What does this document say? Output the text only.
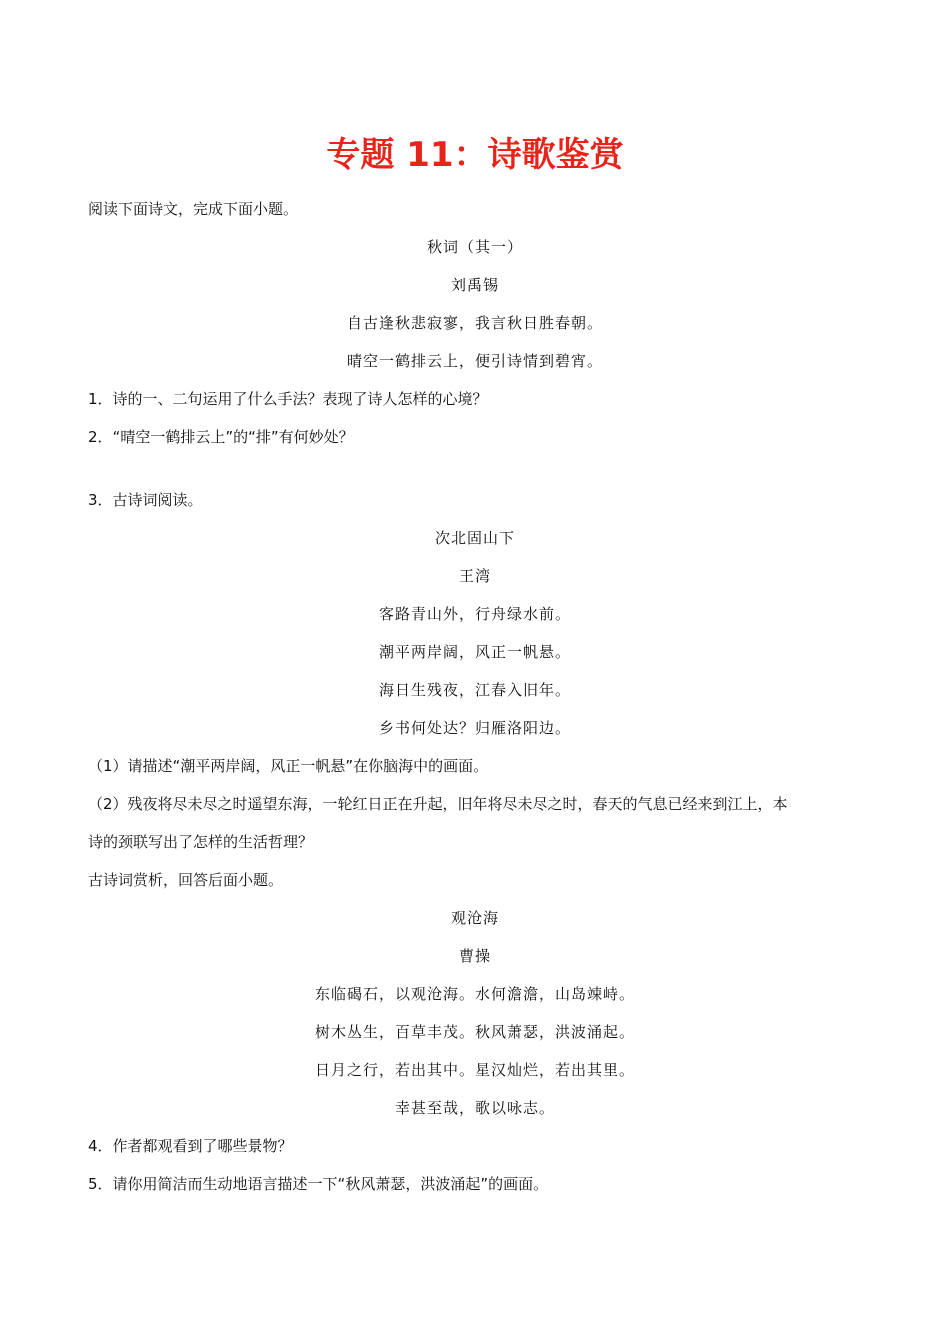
专题 11：诗歌鉴赏

阅读下面诗文，完成下面小题。

秋词（其一）

刘禹锡

自古逢秋悲寂寥，我言秋日胜春朝。

晴空一鹤排云上，便引诗情到碧宵。

1．诗的一、二句运用了什么手法？表现了诗人怎样的心境？

2．“晴空一鹤排云上”的“排”有何妙处？

3．古诗词阅读。

次北固山下

王湾

客路青山外，行舟绿水前。

潮平两岸阔，风正一帆悬。

海日生残夜，江春入旧年。

乡书何处达？归雁洛阳边。

（1）请描述“潮平两岸阔，风正一帆悬”在你脑海中的画面。

（2）残夜将尽未尽之时遥望东海，一轮红日正在升起，旧年将尽未尽之时，春天的气息已经来到江上，本

诗的颈联写出了怎样的生活哲理？

古诗词赏析，回答后面小题。

观沧海

曹操

东临碣石，以观沧海。水何澹澹，山岛竦峙。

树木丛生，百草丰茂。秋风萧瑟，洪波涌起。

日月之行，若出其中。星汉灿烂，若出其里。

幸甚至哉，歌以咏志。

4．作者都观看到了哪些景物？

5．请你用简洁而生动地语言描述一下“秋风萧瑟，洪波涌起”的画面。
